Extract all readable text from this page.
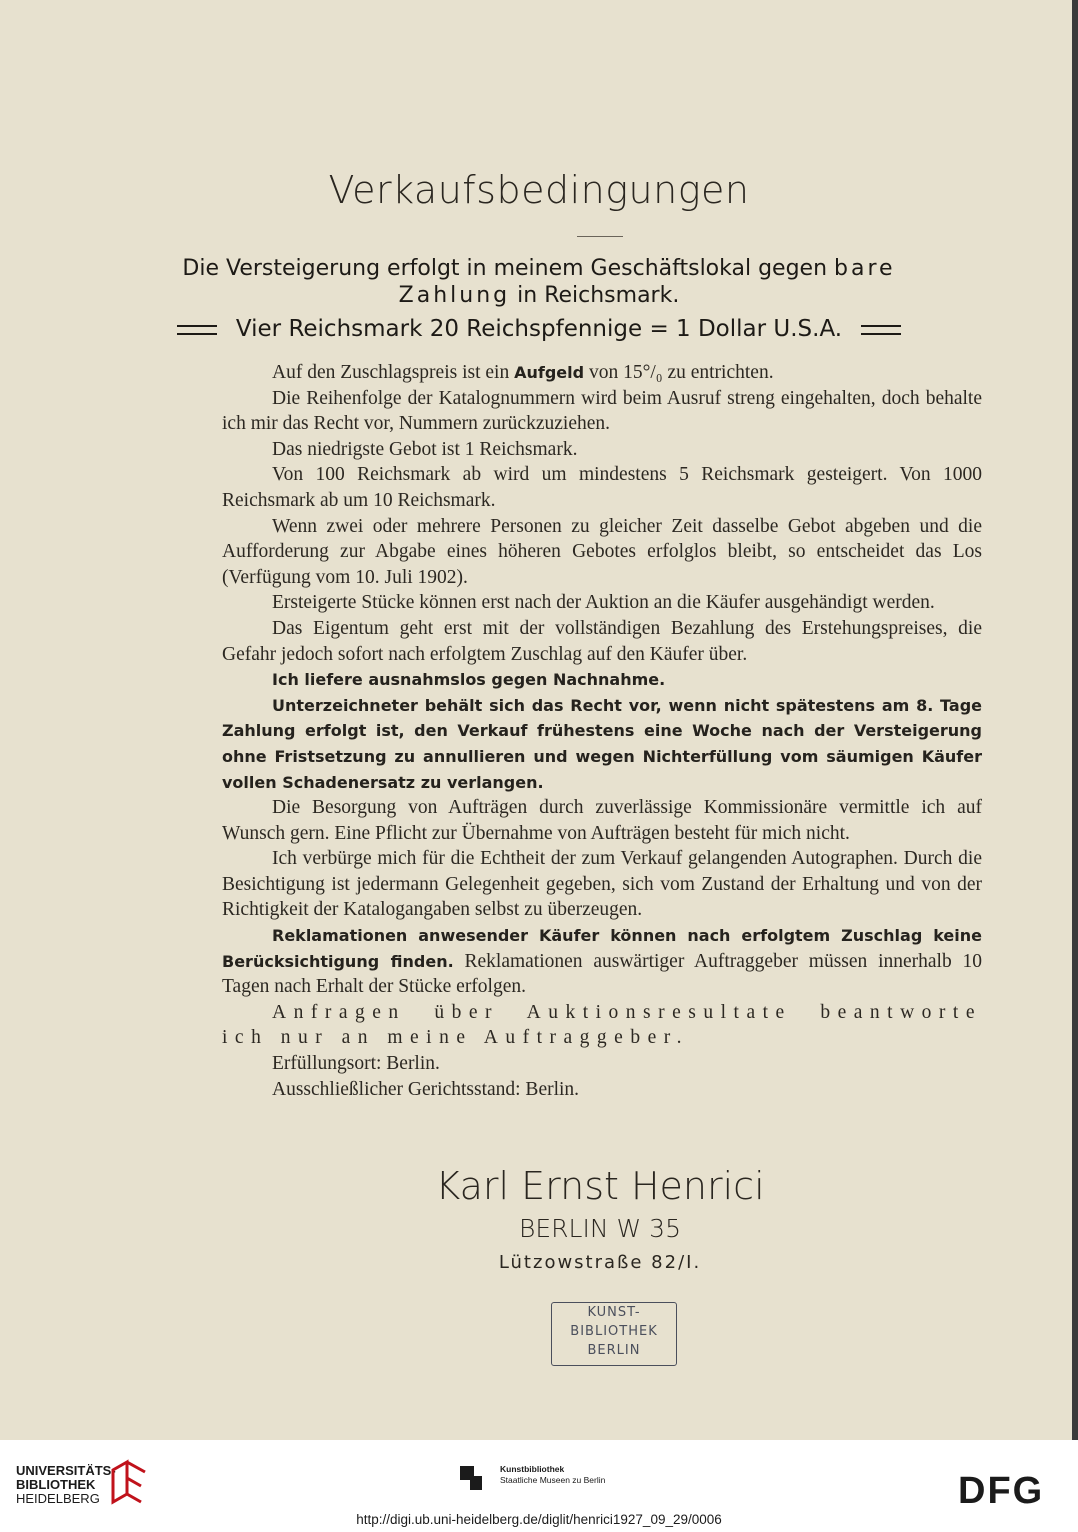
Verkaufsbedingungen
Die Versteigerung erfolgt in meinem Geschäftslokal gegen bare
Zahlung in Reichsmark.
Vier Reichsmark 20 Reichspfennige = 1 Dollar U.S.A.

Auf den Zuschlagspreis ist ein Aufgeld von 15°/₀ zu entrichten.

Die Reihenfolge der Katalognummern wird beim Ausruf streng eingehalten, doch behalte ich mir das Recht vor, Nummern zurückzuziehen.

Das niedrigste Gebot ist 1 Reichsmark.

Von 100 Reichsmark ab wird um mindestens 5 Reichsmark gesteigert. Von 1000 Reichsmark ab um 10 Reichsmark.

Wenn zwei oder mehrere Personen zu gleicher Zeit dasselbe Gebot abgeben und die Aufforderung zur Abgabe eines höheren Gebotes erfolglos bleibt, so entscheidet das Los (Verfügung vom 10. Juli 1902).

Ersteigerte Stücke können erst nach der Auktion an die Käufer ausgehändigt werden.

Das Eigentum geht erst mit der vollständigen Bezahlung des Erstehungspreises, die Gefahr jedoch sofort nach erfolgtem Zuschlag auf den Käufer über.

Ich liefere ausnahmslos gegen Nachnahme.

Unterzeichneter behält sich das Recht vor, wenn nicht spätestens am 8. Tage Zahlung erfolgt ist, den Verkauf frühestens eine Woche nach der Versteigerung ohne Fristsetzung zu annullieren und wegen Nichterfüllung vom säumigen Käufer vollen Schadenersatz zu verlangen.

Die Besorgung von Aufträgen durch zuverlässige Kommissionäre vermittle ich auf Wunsch gern. Eine Pflicht zur Übernahme von Aufträgen besteht für mich nicht.

Ich verbürge mich für die Echtheit der zum Verkauf gelangenden Autographen. Durch die Besichtigung ist jedermann Gelegenheit gegeben, sich vom Zustand der Erhaltung und von der Richtigkeit der Katalogangaben selbst zu überzeugen.

Reklamationen anwesender Käufer können nach erfolgtem Zuschlag keine Berücksichtigung finden. Reklamationen auswärtiger Auftraggeber müssen innerhalb 10 Tagen nach Erhalt der Stücke erfolgen.

Anfragen über Auktionsresultate beantworte ich nur an meine Auftraggeber.

Erfüllungsort: Berlin.

Ausschließlicher Gerichtsstand: Berlin.

Karl Ernst Henrici
BERLIN W 35
Lützowstraße 82/I.
KUNST-
BIBLIOTHEK
BERLIN
UNIVERSITÄTS-
BIBLIOTHEK
HEIDELBERG
Kunstbibliothek
Staatliche Museen zu Berlin	DFG
http://digi.ub.uni-heidelberg.de/diglit/henrici1927_09_29/0006
